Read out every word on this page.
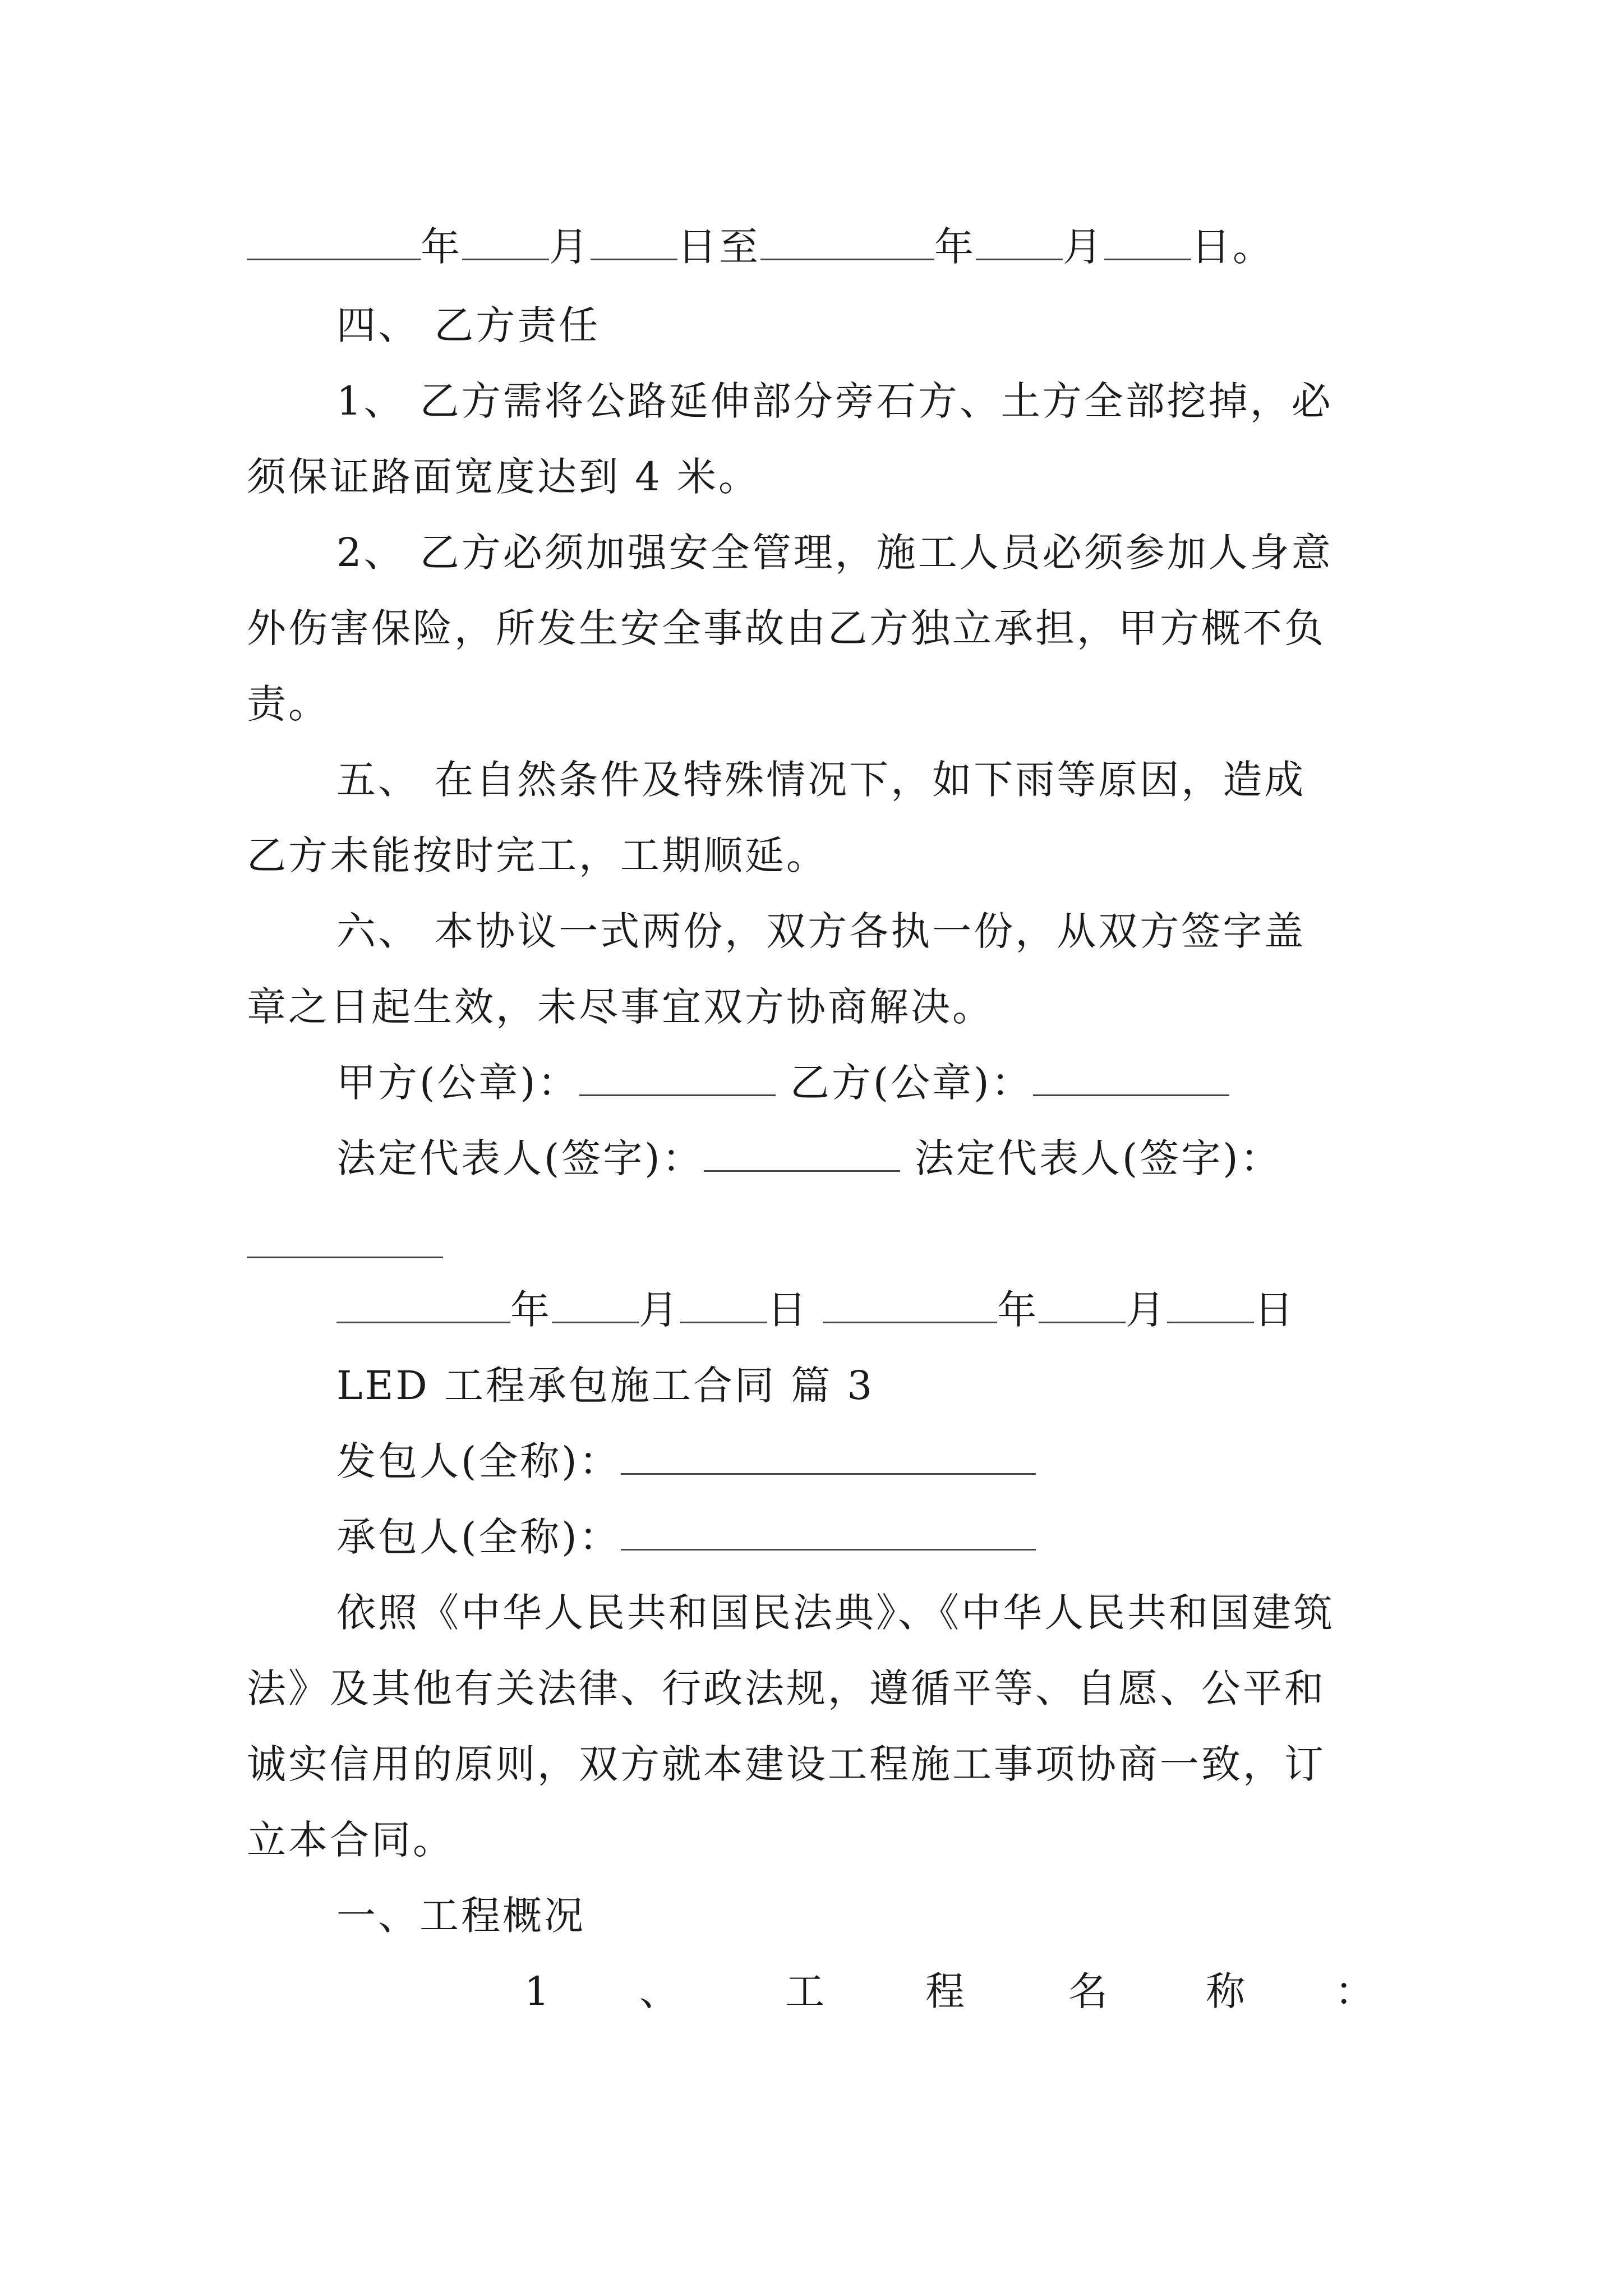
年 月 日至	年 月 日。
四、 乙方责任
1、 乙方需将公路延伸部分旁石方、土方全部挖掉，必
须保证路面宽度达到 4 米。
2、 乙方必须加强安全管理，施工人员必须参加人身意
外伤害保险，所发生安全事故由乙方独立承担，甲方概不负
责。
五、 在自然条件及特殊情况下，如下雨等原因，造成
乙方未能按时完工，工期顺延。
六、 本协议一式两份，双方各执一份，从双方签字盖
章之日起生效，未尽事宜双方协商解决。
甲方(公章)：	乙方(公章)：
法定代表人(签字)：	法定代表人(签字)：
年 月 日	年 月 日
LED 工程承包施工合同 篇 3
发包人(全称)：
承包人(全称)：
依照《中华人民共和国民法典》、《中华人民共和国建筑
法》及其他有关法律、行政法规，遵循平等、自愿、公平和
诚实信用的原则，双方就本建设工程施工事项协商一致，订
立本合同。
一、工程概况
1 、	工	程	名 称 ：
